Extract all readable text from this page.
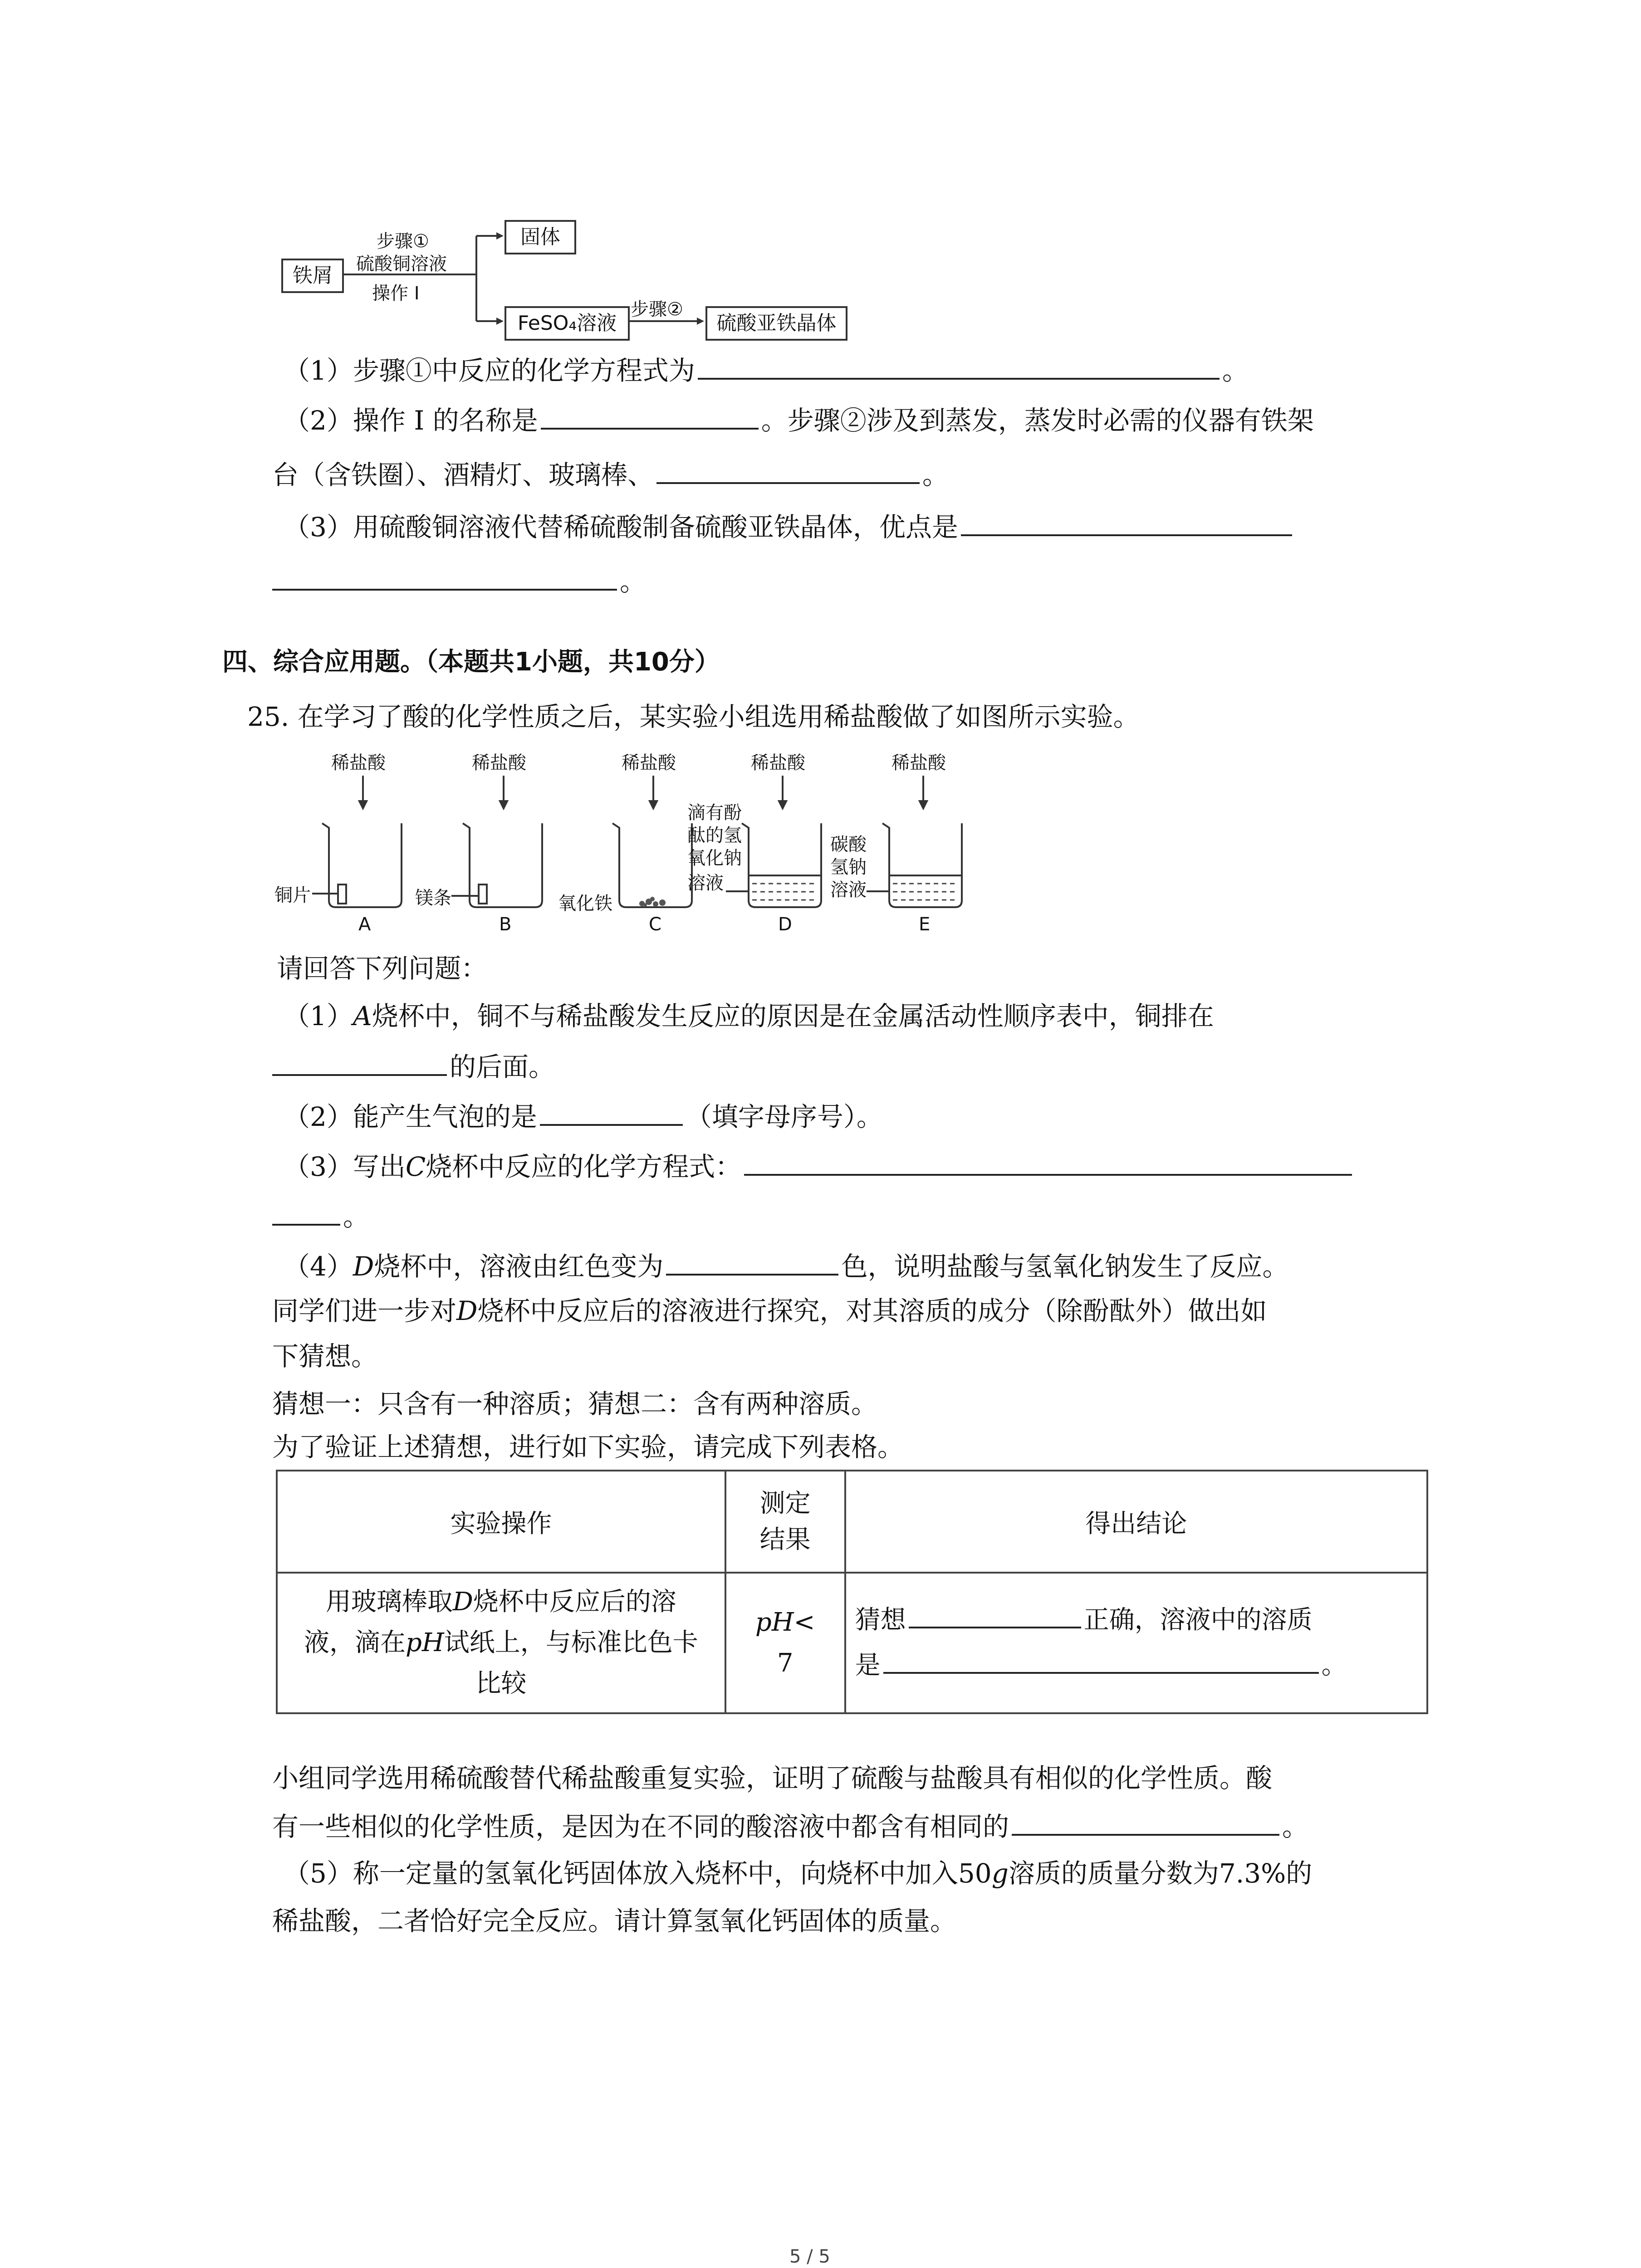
铁屑
步骤①
硫酸铜溶液
操作 I
固体
FeSO₄溶液
步骤②
硫酸亚铁晶体
（1）步骤①中反应的化学方程式为	。
（2）操作 I 的名称是	。步骤②涉及到蒸发，蒸发时必需的仪器有铁架
台（含铁圈）、酒精灯、玻璃棒、	。
（3）用硫酸铜溶液代替稀硫酸制备硫酸亚铁晶体，优点是
。
四、综合应用题。（本题共1小题，共10分）
25. 在学习了酸的化学性质之后，某实验小组选用稀盐酸做了如图所示实验。
稀盐酸	稀盐酸	稀盐酸	稀盐酸	稀盐酸
铜片	镁条	氧化铁
滴有酚
酞的氢
氧化钠
溶液
碳酸
氢钠
溶液
A	B	C	D	E
请回答下列问题：
（1）A烧杯中，铜不与稀盐酸发生反应的原因是在金属活动性顺序表中，铜排在
的后面。
（2）能产生气泡的是	（填字母序号）。
（3）写出C烧杯中反应的化学方程式：
。
（4）D烧杯中，溶液由红色变为	色，说明盐酸与氢氧化钠发生了反应。
同学们进一步对D烧杯中反应后的溶液进行探究，对其溶质的成分（除酚酞外）做出如
下猜想。
猜想一：只含有一种溶质；猜想二：含有两种溶质。
为了验证上述猜想，进行如下实验，请完成下列表格。
实验操作	测定
结果	得出结论
用玻璃棒取D烧杯中反应后的溶
液，滴在pH试纸上，与标准比色卡
比较	pH<
7	猜想 正确，溶液中的溶质
是 。
小组同学选用稀硫酸替代稀盐酸重复实验，证明了硫酸与盐酸具有相似的化学性质。酸
有一些相似的化学性质，是因为在不同的酸溶液中都含有相同的	。
（5）称一定量的氢氧化钙固体放入烧杯中，向烧杯中加入50g溶质的质量分数为7.3%的
稀盐酸，二者恰好完全反应。请计算氢氧化钙固体的质量。
5 / 5
